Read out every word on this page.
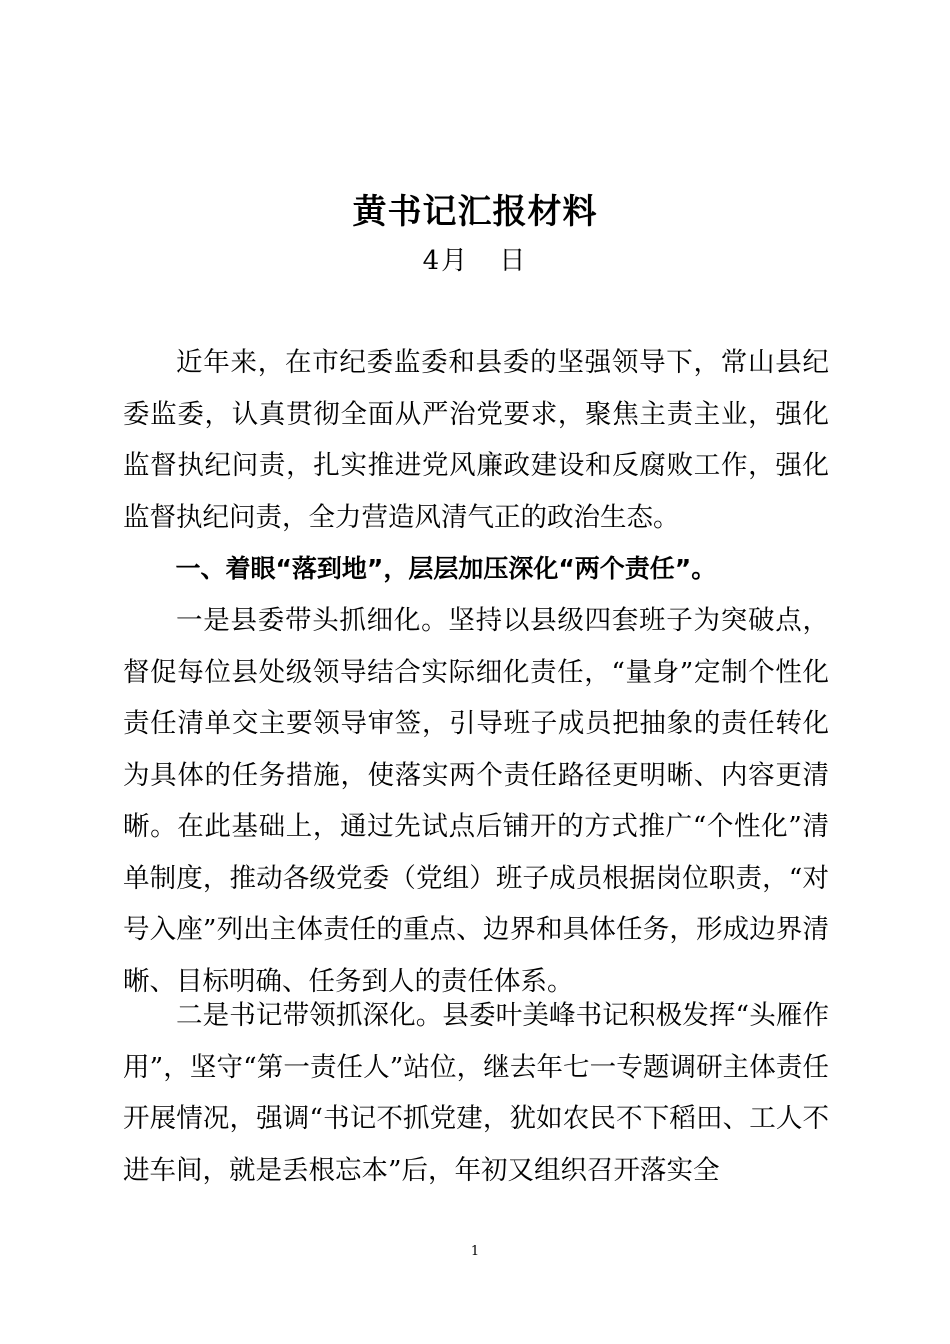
黄书记汇报材料
4月 日

近年来，在市纪委监委和县委的坚强领导下，常山县纪委监委，认真贯彻全面从严治党要求，聚焦主责主业，强化监督执纪问责，扎实推进党风廉政建设和反腐败工作，强化监督执纪问责，全力营造风清气正的政治生态。

一、着眼“落到地”，层层加压深化“两个责任”。

一是县委带头抓细化。坚持以县级四套班子为突破点，督促每位县处级领导结合实际细化责任，“量身”定制个性化责任清单交主要领导审签，引导班子成员把抽象的责任转化为具体的任务措施，使落实两个责任路径更明晰、内容更清晰。在此基础上，通过先试点后铺开的方式推广“个性化”清单制度，推动各级党委（党组）班子成员根据岗位职责，“对号入座”列出主体责任的重点、边界和具体任务，形成边界清晰、目标明确、任务到人的责任体系。

二是书记带领抓深化。县委叶美峰书记积极发挥“头雁作用”，坚守“第一责任人”站位，继去年七一专题调研主体责任开展情况，强调“书记不抓党建，犹如农民不下稻田、工人不进车间，就是丢根忘本”后，年初又组织召开落实全

1
